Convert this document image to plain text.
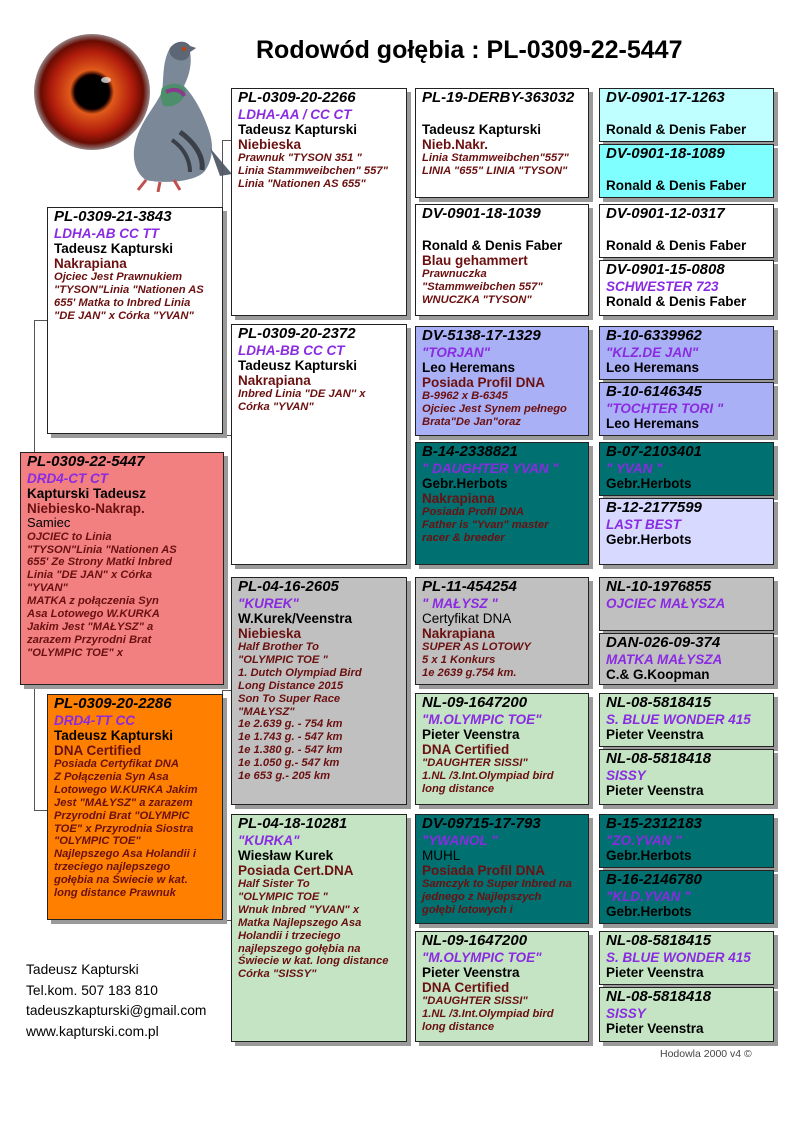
Rodowód gołębia : PL-0309-22-5447
PL-0309-22-5447
DRD4-CT CT
Kapturski Tadeusz
Niebiesko-Nakrap.
Samiec
OJCIEC to Linia
"TYSON"Linia "Nationen AS
655' Ze Strony Matki Inbred
Linia "DE JAN" x Córka
"YVAN"
MATKA z połączenia Syn
Asa Lotowego W.KURKA
Jakim Jest "MAŁYSZ" a
zarazem Przyrodni Brat
"OLYMPIC TOE" x
PL-0309-21-3843
LDHA-AB CC TT
Tadeusz Kapturski
Nakrapiana
Ojciec Jest Prawnukiem
"TYSON"Linia "Nationen AS
655' Matka to Inbred Linia
"DE JAN" x Córka "YVAN"
PL-0309-20-2286
DRD4-TT CC
Tadeusz Kapturski
DNA Certified
Posiada Certyfikat DNA
Z Połączenia Syn Asa
Lotowego W.KURKA Jakim
Jest "MAŁYSZ" a zarazem
Przyrodni Brat "OLYMPIC
TOE" x Przyrodnia Siostra
"OLYMPIC TOE"
Najlepszego Asa Holandii i
trzeciego najlepszego
gołębia na Świecie w kat.
long distance Prawnuk
PL-0309-20-2266
LDHA-AA / CC CT
Tadeusz Kapturski
Niebieska
Prawnuk "TYSON 351 "
Linia Stammweibchen" 557"
Linia "Nationen AS 655"
PL-0309-20-2372
LDHA-BB CC CT
Tadeusz Kapturski
Nakrapiana
Inbred Linia "DE JAN'' x
Córka "YVAN"
PL-04-16-2605
"KUREK"
W.Kurek/Veenstra
Niebieska
Half Brother To
"OLYMPIC TOE "
1. Dutch Olympiad Bird
Long Distance 2015
Son To Super Race
"MAŁYSZ"
1e 2.639 g. - 754 km
1e 1.743 g. - 547 km
1e 1.380 g. - 547 km
1e 1.050 g.- 547 km
1e 653 g.- 205 km
PL-04-18-10281
"KURKA"
Wiesław Kurek
Posiada Cert.DNA
Half Sister To
"OLYMPIC TOE "
Wnuk Inbred "YVAN" x
Matka Najlepszego Asa
Holandii i trzeciego
najlepszego gołębia na
Świecie w kat. long distance
Córka "SISSY"
PL-19-DERBY-363032
Tadeusz Kapturski
Nieb.Nakr.
Linia Stammweibchen"557"
LINIA "655" LINIA "TYSON"
DV-0901-18-1039
Ronald & Denis Faber
Blau gehammert
Prawnuczka
"Stammweibchen 557"
WNUCZKA "TYSON"
DV-5138-17-1329
"TORJAN"
Leo Heremans
Posiada Profil DNA
B-9962 x B-6345
Ojciec Jest Synem pełnego
Brata"De Jan"oraz
B-14-2338821
" DAUGHTER YVAN "
Gebr.Herbots
Nakrapiana
Posiada Profil DNA
Father is "Yvan" master
racer & breeder
PL-11-454254
" MAŁYSZ "
Certyfikat DNA
Nakrapiana
SUPER AS LOTOWY
5 x 1 Konkurs
1e 2639 g.754 km.
NL-09-1647200
"M.OLYMPIC TOE"
Pieter Veenstra
DNA Certified
"DAUGHTER SISSI"
1.NL /3.Int.Olympiad bird
long distance
DV-09715-17-793
"YWANOL "
MUHL
Posiada Profil DNA
Samczyk to Super Inbred na
jednego z Najlepszych
gołębi lotowych i
NL-09-1647200
"M.OLYMPIC TOE"
Pieter Veenstra
DNA Certified
"DAUGHTER SISSI"
1.NL /3.Int.Olympiad bird
long distance
DV-0901-17-1263
Ronald & Denis Faber
DV-0901-18-1089
Ronald & Denis Faber
DV-0901-12-0317
Ronald & Denis Faber
DV-0901-15-0808
SCHWESTER 723
Ronald & Denis Faber
B-10-6339962
"KLZ.DE JAN"
Leo Heremans
B-10-6146345
"TOCHTER TORI "
Leo Heremans
B-07-2103401
" YVAN "
Gebr.Herbots
B-12-2177599
LAST BEST
Gebr.Herbots
NL-10-1976855
OJCIEC MAŁYSZA
DAN-026-09-374
MATKA MAŁYSZA
C.& G.Koopman
NL-08-5818415
S. BLUE WONDER 415
Pieter Veenstra
NL-08-5818418
SISSY
Pieter Veenstra
B-15-2312183
"ZO.YVAN "
Gebr.Herbots
B-16-2146780
"KLD.YVAN "
Gebr.Herbots
NL-08-5818415
S. BLUE WONDER 415
Pieter Veenstra
NL-08-5818418
SISSY
Pieter Veenstra
Tadeusz Kapturski
Tel.kom. 507 183 810
tadeuszkapturski@gmail.com
www.kapturski.com.pl
Hodowla 2000 v4 ©
